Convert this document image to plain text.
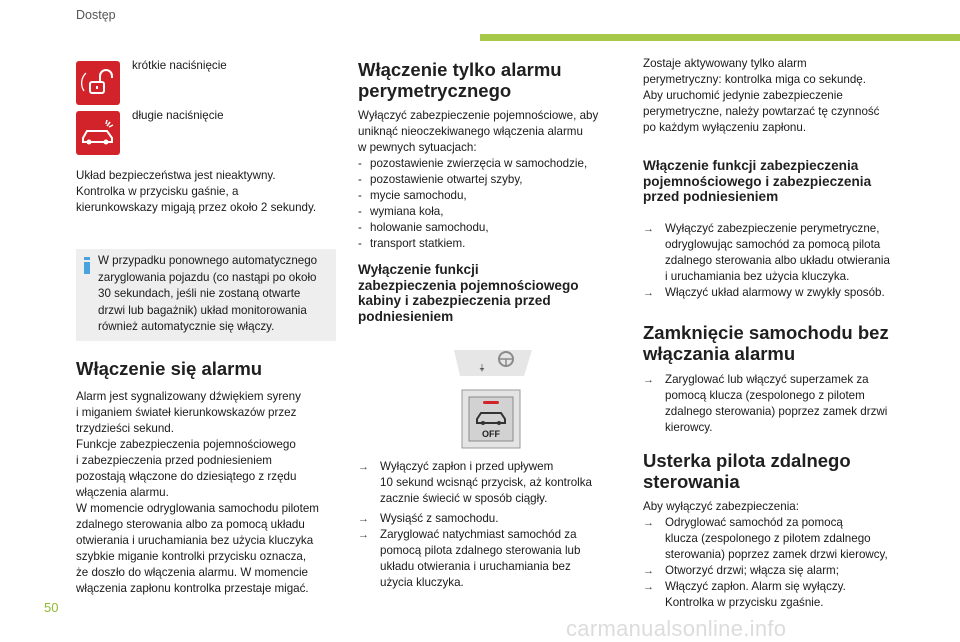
Dostęp
krótkie naciśnięcie
długie naciśnięcie

Układ bezpieczeństwa jest nieaktywny.

Kontrolka w przycisku gaśnie, a

kierunkowskazy migają przez około 2 sekundy.

W przypadku ponownego automatycznego

zaryglowania pojazdu (co nastąpi po około

30 sekundach, jeśli nie zostaną otwarte

drzwi lub bagażnik) układ monitorowania

również automatycznie się włączy.

Włączenie się alarmu

Alarm jest sygnalizowany dźwiękiem syreny

i miganiem świateł kierunkowskazów przez

trzydzieści sekund.

Funkcje zabezpieczenia pojemnościowego

i zabezpieczenia przed podniesieniem

pozostają włączone do dziesiątego z rzędu

włączenia alarmu.

W momencie odryglowania samochodu pilotem

zdalnego sterowania albo za pomocą układu

otwierania i uruchamiania bez użycia kluczyka

szybkie miganie kontrolki przycisku oznacza,

że doszło do włączenia alarmu. W momencie

włączenia zapłonu kontrolka przestaje migać.

Włączenie tylko alarmu
perymetrycznego

Wyłączyć zabezpieczenie pojemnościowe, aby

uniknąć nieoczekiwanego włączenia alarmu

w pewnych sytuacjach:

- pozostawienie zwierzęcia w samochodzie,
- pozostawienie otwartej szyby,
- mycie samochodu,
- wymiana koła,
- holowanie samochodu,
- transport statkiem.
Wyłączenie funkcji
zabezpieczenia pojemnościowego
kabiny i zabezpieczenia przed
podniesieniem
OFF
→ Wyłączyć zapłon i przed upływem

10 sekund wcisnąć przycisk, aż kontrolka

zacznie świecić w sposób ciągły.

→ Wysiąść z samochodu.

→ Zaryglować natychmiast samochód za

pomocą pilota zdalnego sterowania lub

układu otwierania i uruchamiania bez

użycia kluczyka.

Zostaje aktywowany tylko alarm

perymetryczny: kontrolka miga co sekundę.

Aby uruchomić jedynie zabezpieczenie

perymetryczne, należy powtarzać tę czynność

po każdym wyłączeniu zapłonu.

Włączenie funkcji zabezpieczenia
pojemnościowego i zabezpieczenia
przed podniesieniem
→ Wyłączyć zabezpieczenie perymetryczne,

odryglowując samochód za pomocą pilota

zdalnego sterowania albo układu otwierania

i uruchamiania bez użycia kluczyka.

→ Włączyć układ alarmowy w zwykły sposób.

Zamknięcie samochodu bez
włączania alarmu
→ Zaryglować lub włączyć superzamek za

pomocą klucza (zespolonego z pilotem

zdalnego sterowania) poprzez zamek drzwi

kierowcy.

Usterka pilota zdalnego
sterowania

Aby wyłączyć zabezpieczenia:

→ Odryglować samochód za pomocą

klucza (zespolonego z pilotem zdalnego

sterowania) poprzez zamek drzwi kierowcy,

→ Otworzyć drzwi; włącza się alarm;

→ Włączyć zapłon. Alarm się wyłączy.

Kontrolka w przycisku zgaśnie.

50
carmanualsonline.info
